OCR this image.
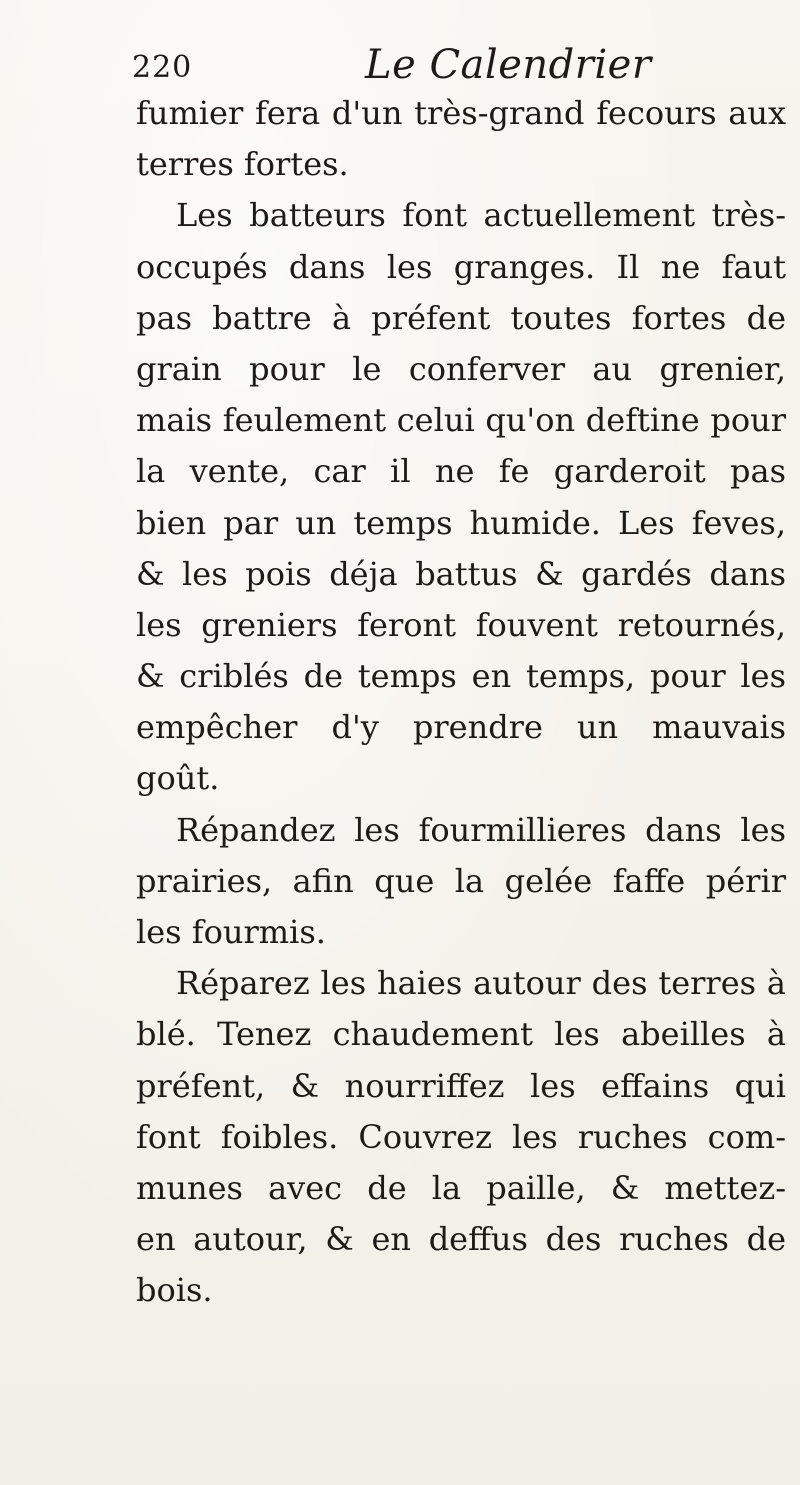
220	Le Calendrier
fumier fera d'un très-grand fecours aux
terres fortes.
Les batteurs font actuellement très-
occupés dans les granges. Il ne faut
pas battre à préfent toutes fortes de
grain pour le conferver au grenier,
mais feulement celui qu'on deftine pour
la vente, car il ne fe garderoit pas
bien par un temps humide. Les feves,
& les pois déja battus & gardés dans
les greniers feront fouvent retournés,
& criblés de temps en temps, pour les
empêcher d'y prendre un mauvais
goût.
Répandez les fourmillieres dans les
prairies, afin que la gelée faffe périr
les fourmis.
Réparez les haies autour des terres à
blé. Tenez chaudement les abeilles à
préfent, & nourriffez les effains qui
font foibles. Couvrez les ruches com-
munes avec de la paille, & mettez-
en autour, & en deffus des ruches de
bois.
